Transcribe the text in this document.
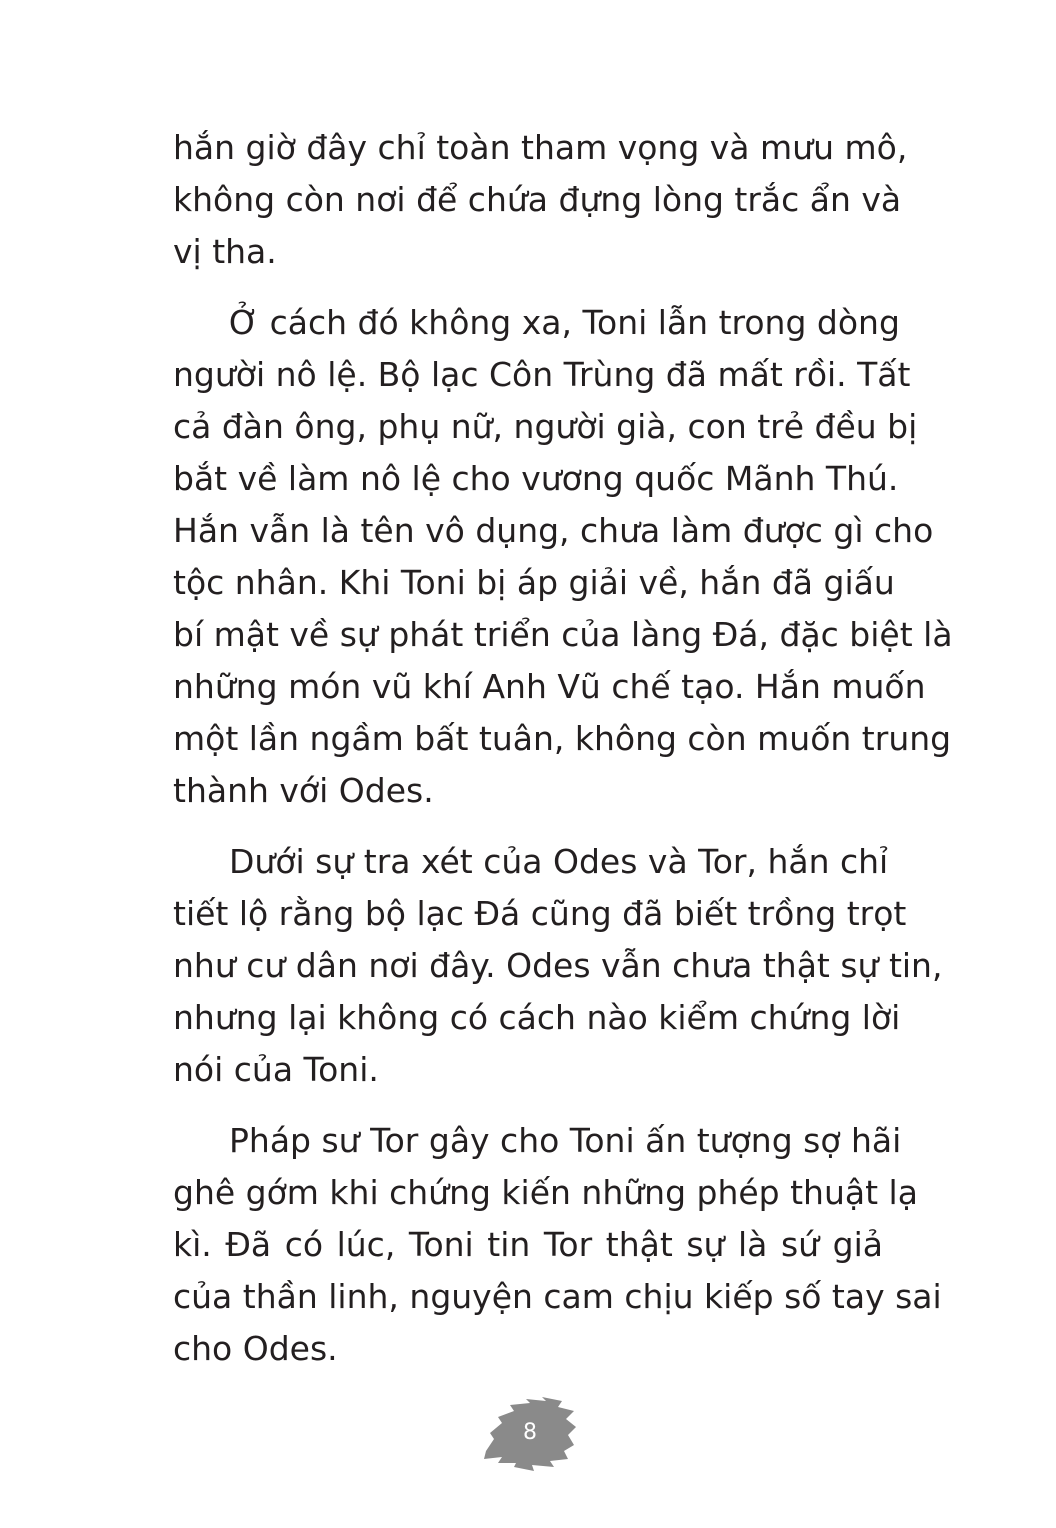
hắn giờ đây chỉ toàn tham vọng và mưu mô,
không còn nơi để chứa đựng lòng trắc ẩn và
vị tha.

Ở cách đó không xa, Toni lẫn trong dòng
người nô lệ. Bộ lạc Côn Trùng đã mất rồi. Tất
cả đàn ông, phụ nữ, người già, con trẻ đều bị
bắt về làm nô lệ cho vương quốc Mãnh Thú.
Hắn vẫn là tên vô dụng, chưa làm được gì cho
tộc nhân. Khi Toni bị áp giải về, hắn đã giấu
bí mật về sự phát triển của làng Đá, đặc biệt là
những món vũ khí Anh Vũ chế tạo. Hắn muốn
một lần ngầm bất tuân, không còn muốn trung
thành với Odes.

Dưới sự tra xét của Odes và Tor, hắn chỉ
tiết lộ rằng bộ lạc Đá cũng đã biết trồng trọt
như cư dân nơi đây. Odes vẫn chưa thật sự tin,
nhưng lại không có cách nào kiểm chứng lời
nói của Toni.

Pháp sư Tor gây cho Toni ấn tượng sợ hãi
ghê gớm khi chứng kiến những phép thuật lạ
kì. Đã có lúc, Toni tin Tor thật sự là sứ giả
của thần linh, nguyện cam chịu kiếp số tay sai
cho Odes.

8
